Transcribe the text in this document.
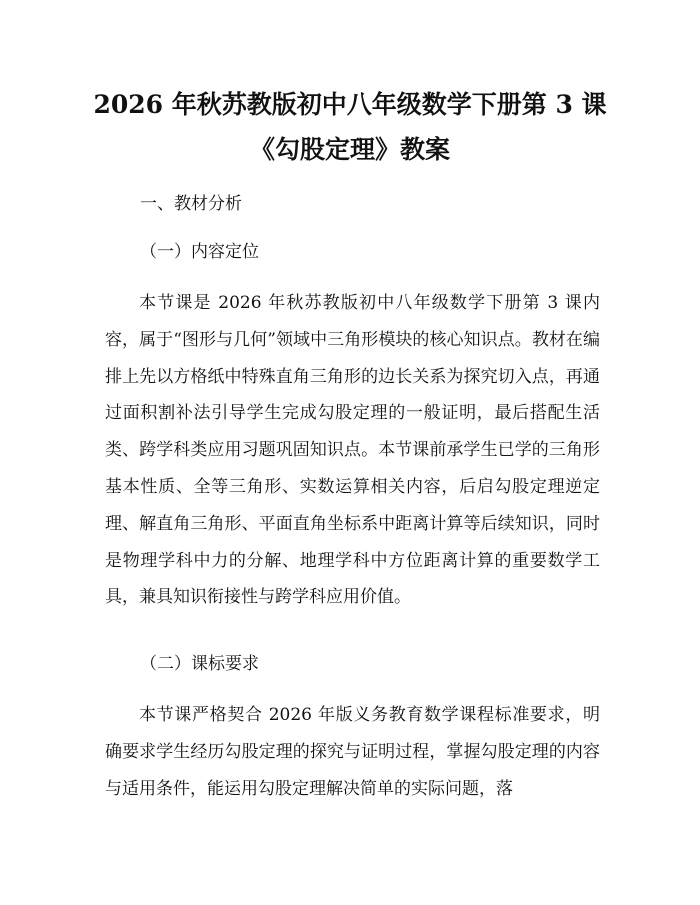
2026 年秋苏教版初中八年级数学下册第 3 课
《勾股定理》教案
一、教材分析
（一）内容定位
本节课是 2026 年秋苏教版初中八年级数学下册第 3 课内容，属于“图形与几何”领域中三角形模块的核心知识点。教材在编排上先以方格纸中特殊直角三角形的边长关系为探究切入点，再通过面积割补法引导学生完成勾股定理的一般证明，最后搭配生活类、跨学科类应用习题巩固知识点。本节课前承学生已学的三角形基本性质、全等三角形、实数运算相关内容，后启勾股定理逆定理、解直角三角形、平面直角坐标系中距离计算等后续知识，同时是物理学科中力的分解、地理学科中方位距离计算的重要数学工具，兼具知识衔接性与跨学科应用价值。
（二）课标要求
本节课严格契合 2026 年版义务教育数学课程标准要求，明确要求学生经历勾股定理的探究与证明过程，掌握勾股定理的内容与适用条件，能运用勾股定理解决简单的实际问题，落
